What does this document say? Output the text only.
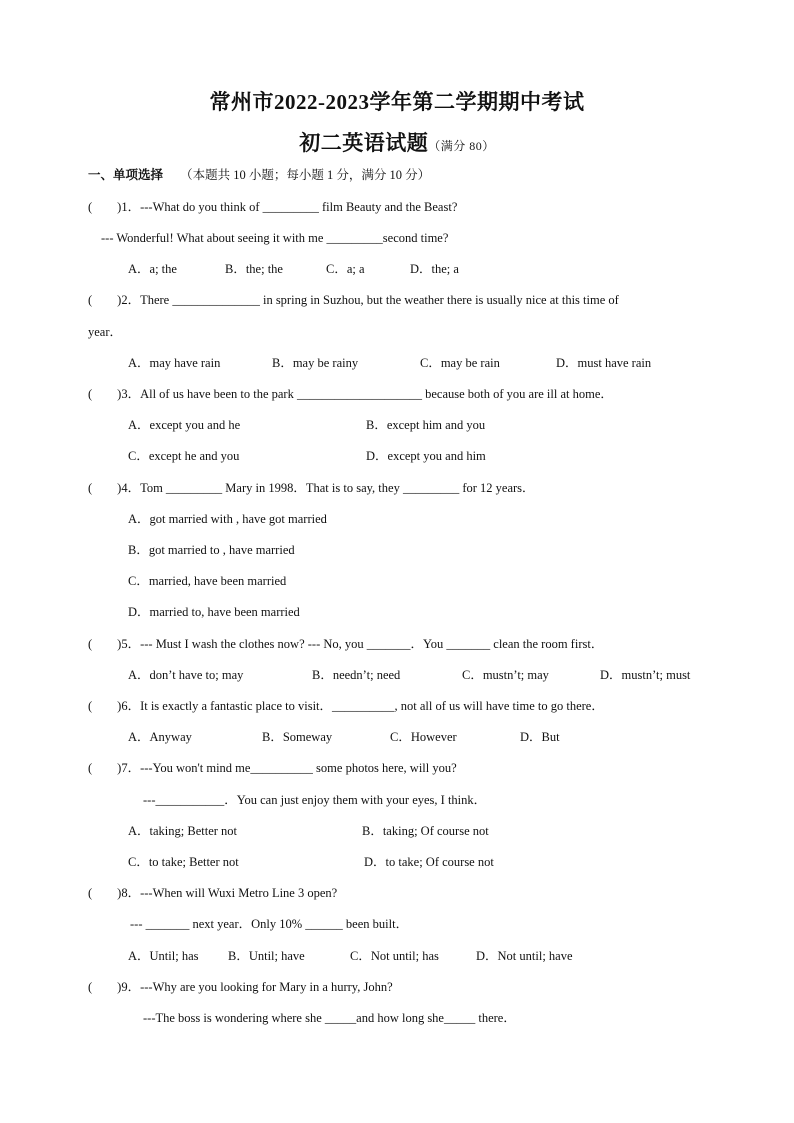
常州市2022-2023学年第二学期期中考试
初二英语试题（满分 80）
一、单项选择 （本题共 10 小题；每小题 1 分，满分 10 分）
(　　)1．---What do you think of _________ film Beauty and the Beast?
--- Wonderful! What about seeing it with me _________second time?
A．a; the	B．the; the	C．a; a	D．the; a
(　　)2．There ______________ in spring in Suzhou, but the weather there is usually nice at this time of
year．
A．may have rain	B．may be rainy	C．may be rain	D．must have rain
(　　)3．All of us have been to the park ____________________ because both of you are ill at home．
A．except you and he	B．except him and you
C．except he and you	D．except you and him
(　　)4．Tom _________ Mary in 1998．That is to say, they _________ for 12 years．
A．got married with , have got married
B．got married to , have married
C．married, have been married
D．married to, have been married
(　　)5．--- Must I wash the clothes now? --- No, you _______．You _______ clean the room first．
A．don’t have to; may	B．needn’t; need	C．mustn’t; may	D．mustn’t; must
(　　)6．It is exactly a fantastic place to visit．__________, not all of us will have time to go there．
A．Anyway	B．Someway	C．However	D．But
(　　)7．---You won't mind me__________ some photos here, will you?
---___________．You can just enjoy them with your eyes, I think．
A．taking; Better not	B．taking; Of course not
C．to take; Better not	D．to take; Of course not
(　　)8．---When will Wuxi Metro Line 3 open?
--- _______ next year．Only 10% ______ been built．
A．Until; has B．Until; have	C．Not until; has	D．Not until; have
(　　)9．---Why are you looking for Mary in a hurry, John?
---The boss is wondering where she _____and how long she_____ there．
